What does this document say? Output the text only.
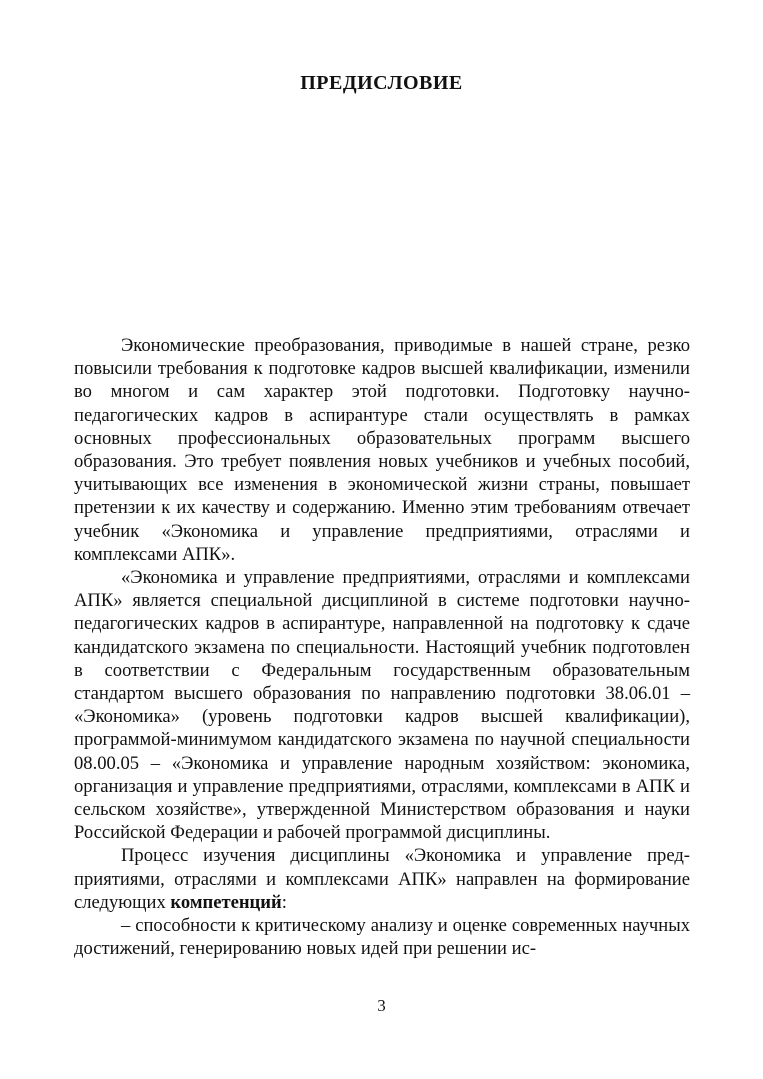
ПРЕДИСЛОВИЕ

Экономические преобразования, приводимые в нашей стране, резко повысили требования к подготовке кадров высшей квалификации, изменили во многом и сам характер этой подготовки. Подготовку научно-педагогических кадров в аспирантуре стали осуществлять в рамках основных профессиональных образовательных программ высшего образования. Это требует появления новых учебников и учебных пособий, учитывающих все изменения в экономической жизни страны, повышает претензии к их качеству и содержанию. Именно этим требованиям отвечает учебник «Экономика и управление предприятиями, отраслями и комплексами АПК».

«Экономика и управление предприятиями, отраслями и комплексами АПК» является специальной дисциплиной в системе подготовки научно-педагогических кадров в аспирантуре, направленной на подготовку к сдаче кандидатского экзамена по специальности. Настоящий учебник подготовлен в соответствии с Федеральным государственным образовательным стандартом высшего образования по направлению подготовки 38.06.01 – «Экономика» (уровень подготовки кадров высшей квалификации), программой-минимумом кандидатского экзамена по научной специальности 08.00.05 – «Экономика и управление народным хозяйством: экономика, организация и управление предприятиями, отраслями, комплексами в АПК и сельском хозяйстве», утвержденной Министерством образования и науки Российской Федерации и рабочей программой дисциплины.

Процесс изучения дисциплины «Экономика и управление предприятиями, отраслями и комплексами АПК» направлен на формирование следующих компетенций:

– способности к критическому анализу и оценке современных научных достижений, генерированию новых идей при решении ис-

3
